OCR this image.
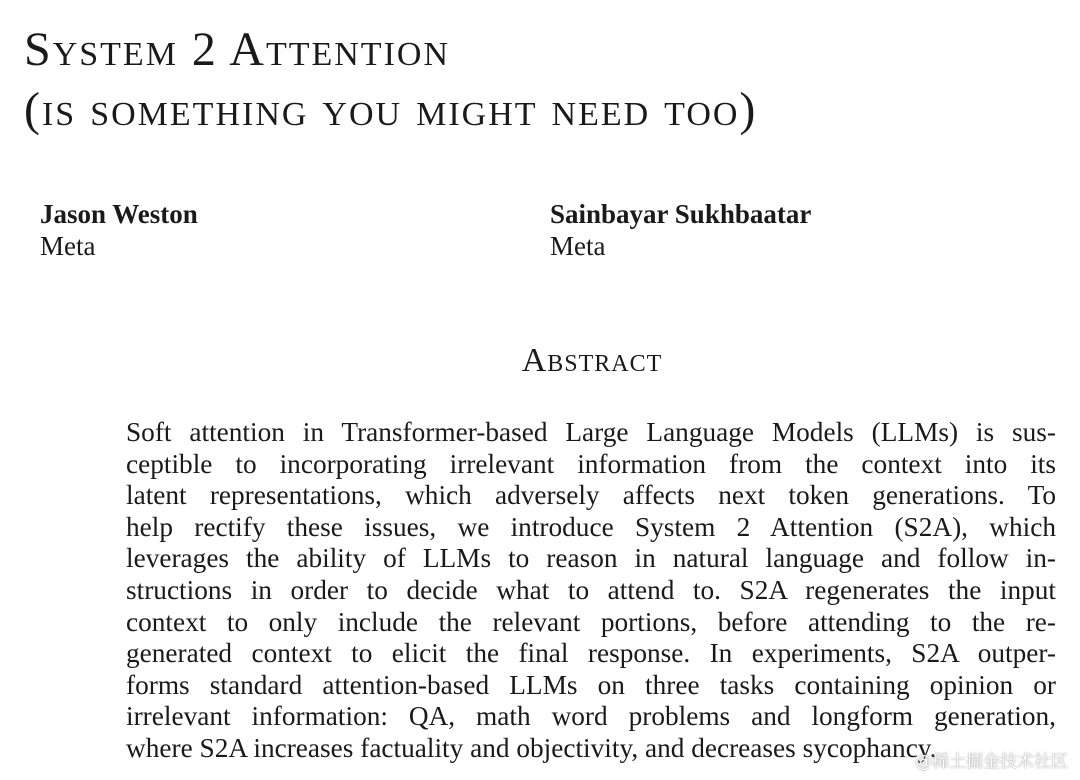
System 2 Attention
(is something you might need too)
Jason Weston
Meta
Sainbayar Sukhbaatar
Meta
Abstract
Soft attention in Transformer-based Large Language Models (LLMs) is sus-
ceptible to incorporating irrelevant information from the context into its
latent representations, which adversely affects next token generations. To
help rectify these issues, we introduce System 2 Attention (S2A), which
leverages the ability of LLMs to reason in natural language and follow in-
structions in order to decide what to attend to. S2A regenerates the input
context to only include the relevant portions, before attending to the re-
generated context to elicit the final response. In experiments, S2A outper-
forms standard attention-based LLMs on three tasks containing opinion or
irrelevant information: QA, math word problems and longform generation,
where S2A increases factuality and objectivity, and decreases sycophancy.
@稀土掘金技术社区
